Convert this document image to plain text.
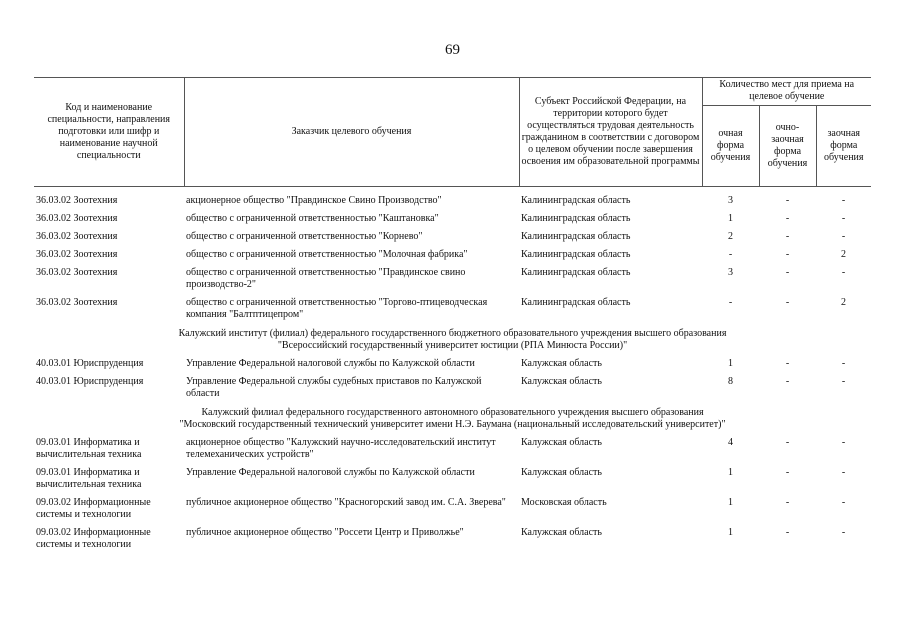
69
Код и наименование специальности, направления подготовки или шифр и наименование научной специальности	Заказчик целевого обучения	Субъект Российской Федерации, на территории которого будет осуществляться трудовая деятельность гражданином в соответствии с договором о целевом обучении после завершения освоения им образовательной программы	Количество мест для приема на целевое обучение		
			очная форма обучения	очно-заочная форма обучения	заочная форма обучения

36.03.02 Зоотехния	акционерное общество "Правдинское Свино Производство"	Калининградская область	3	-	-
36.03.02 Зоотехния	общество с ограниченной ответственностью "Каштановка"	Калининградская область	1	-	-
36.03.02 Зоотехния	общество с ограниченной ответственностью "Корнево"	Калининградская область	2	-	-
36.03.02 Зоотехния	общество с ограниченной ответственностью "Молочная фабрика"	Калининградская область	-	-	2
36.03.02 Зоотехния	общество с ограниченной ответственностью "Правдинское свино производство-2"	Калининградская область	3	-	-
36.03.02 Зоотехния	общество с ограниченной ответственностью "Торгово-птицеводческая компания "Балтптицепром"	Калининградская область	-	-	2

Калужский институт (филиал) федерального государственного бюджетного образовательного учреждения высшего образования
"Всероссийский государственный университет юстиции (РПА Минюста России)"					

40.03.01 Юриспруденция	Управление Федеральной налоговой службы по Калужской области	Калужская область	1	-	-
40.03.01 Юриспруденция	Управление Федеральной службы судебных приставов по Калужской области	Калужская область	8	-	-

Калужский филиал федерального государственного автономного образовательного учреждения высшего образования
"Московский государственный технический университет имени Н.Э. Баумана (национальный исследовательский университет)"					

09.03.01 Информатика и вычислительная техника	акционерное общество "Калужский научно-исследовательский институт телемеханических устройств"	Калужская область	4	-	-
09.03.01 Информатика и вычислительная техника	Управление Федеральной налоговой службы по Калужской области	Калужская область	1	-	-
09.03.02 Информационные системы и технологии	публичное акционерное общество "Красногорский завод им. С.А. Зверева"	Московская область	1	-	-
09.03.02 Информационные системы и технологии	публичное акционерное общество "Россети Центр и Приволжье"	Калужская область	1	-	-
